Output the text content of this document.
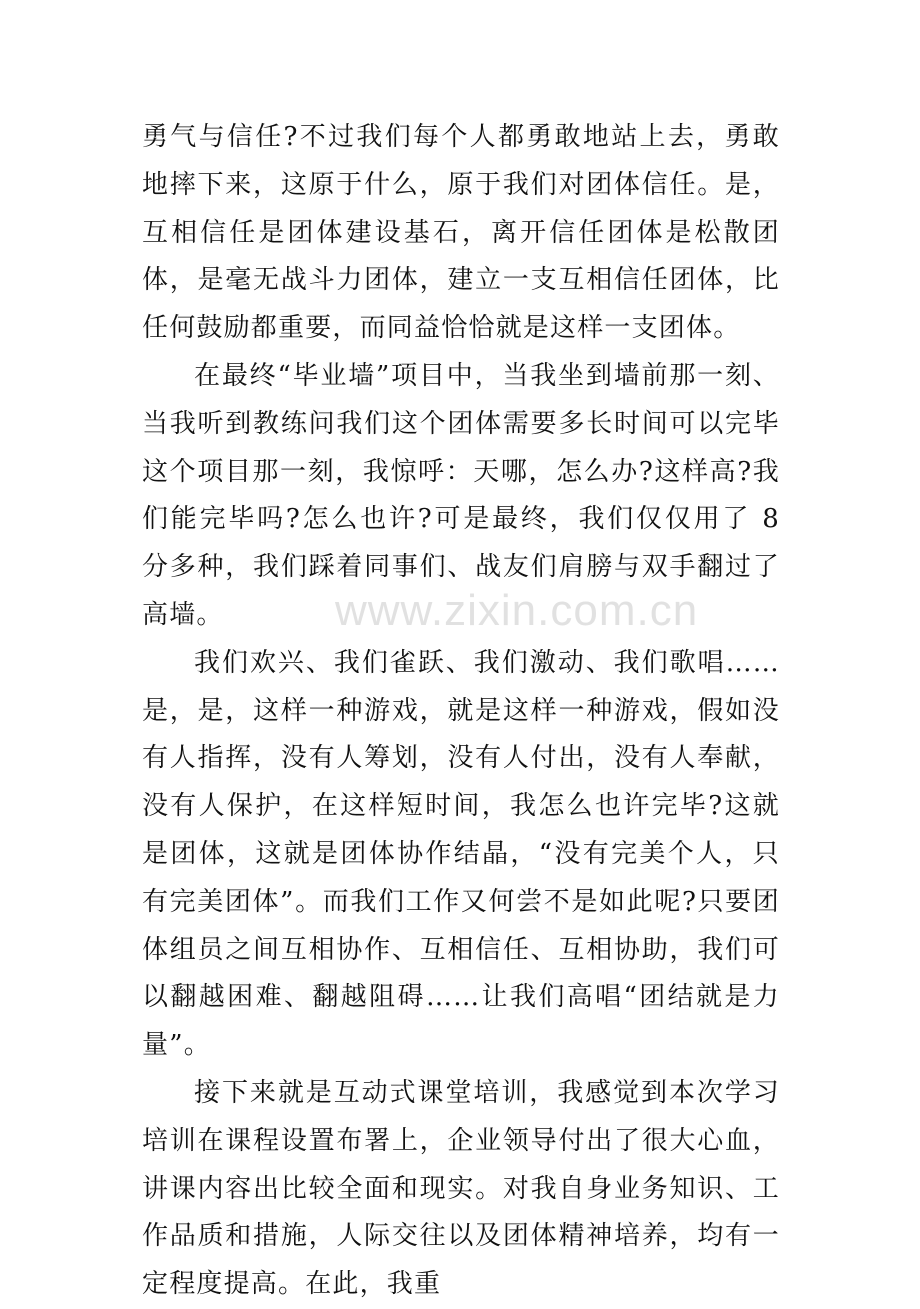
勇气与信任?不过我们每个人都勇敢地站上去，勇敢地摔下来，这原于什么，原于我们对团体信任。是，互相信任是团体建设基石，离开信任团体是松散团体，是毫无战斗力团体，建立一支互相信任团体，比任何鼓励都重要，而同益恰恰就是这样一支团体。

在最终“毕业墙”项目中，当我坐到墙前那一刻、当我听到教练问我们这个团体需要多长时间可以完毕这个项目那一刻，我惊呼：天哪，怎么办?这样高?我们能完毕吗?怎么也许?可是最终，我们仅仅用了 8 分多种，我们踩着同事们、战友们肩膀与双手翻过了高墙。

我们欢兴、我们雀跃、我们激动、我们歌唱……是，是，这样一种游戏，就是这样一种游戏，假如没有人指挥，没有人筹划，没有人付出，没有人奉献，没有人保护，在这样短时间，我怎么也许完毕?这就是团体，这就是团体协作结晶，“没有完美个人，只有完美团体”。而我们工作又何尝不是如此呢?只要团体组员之间互相协作、互相信任、互相协助，我们可以翻越困难、翻越阻碍……让我们高唱“团结就是力量”。

接下来就是互动式课堂培训，我感觉到本次学习培训在课程设置布署上，企业领导付出了很大心血，讲课内容出比较全面和现实。对我自身业务知识、工作品质和措施，人际交往以及团体精神培养，均有一定程度提高。在此，我重

www.zixin.com.cn
